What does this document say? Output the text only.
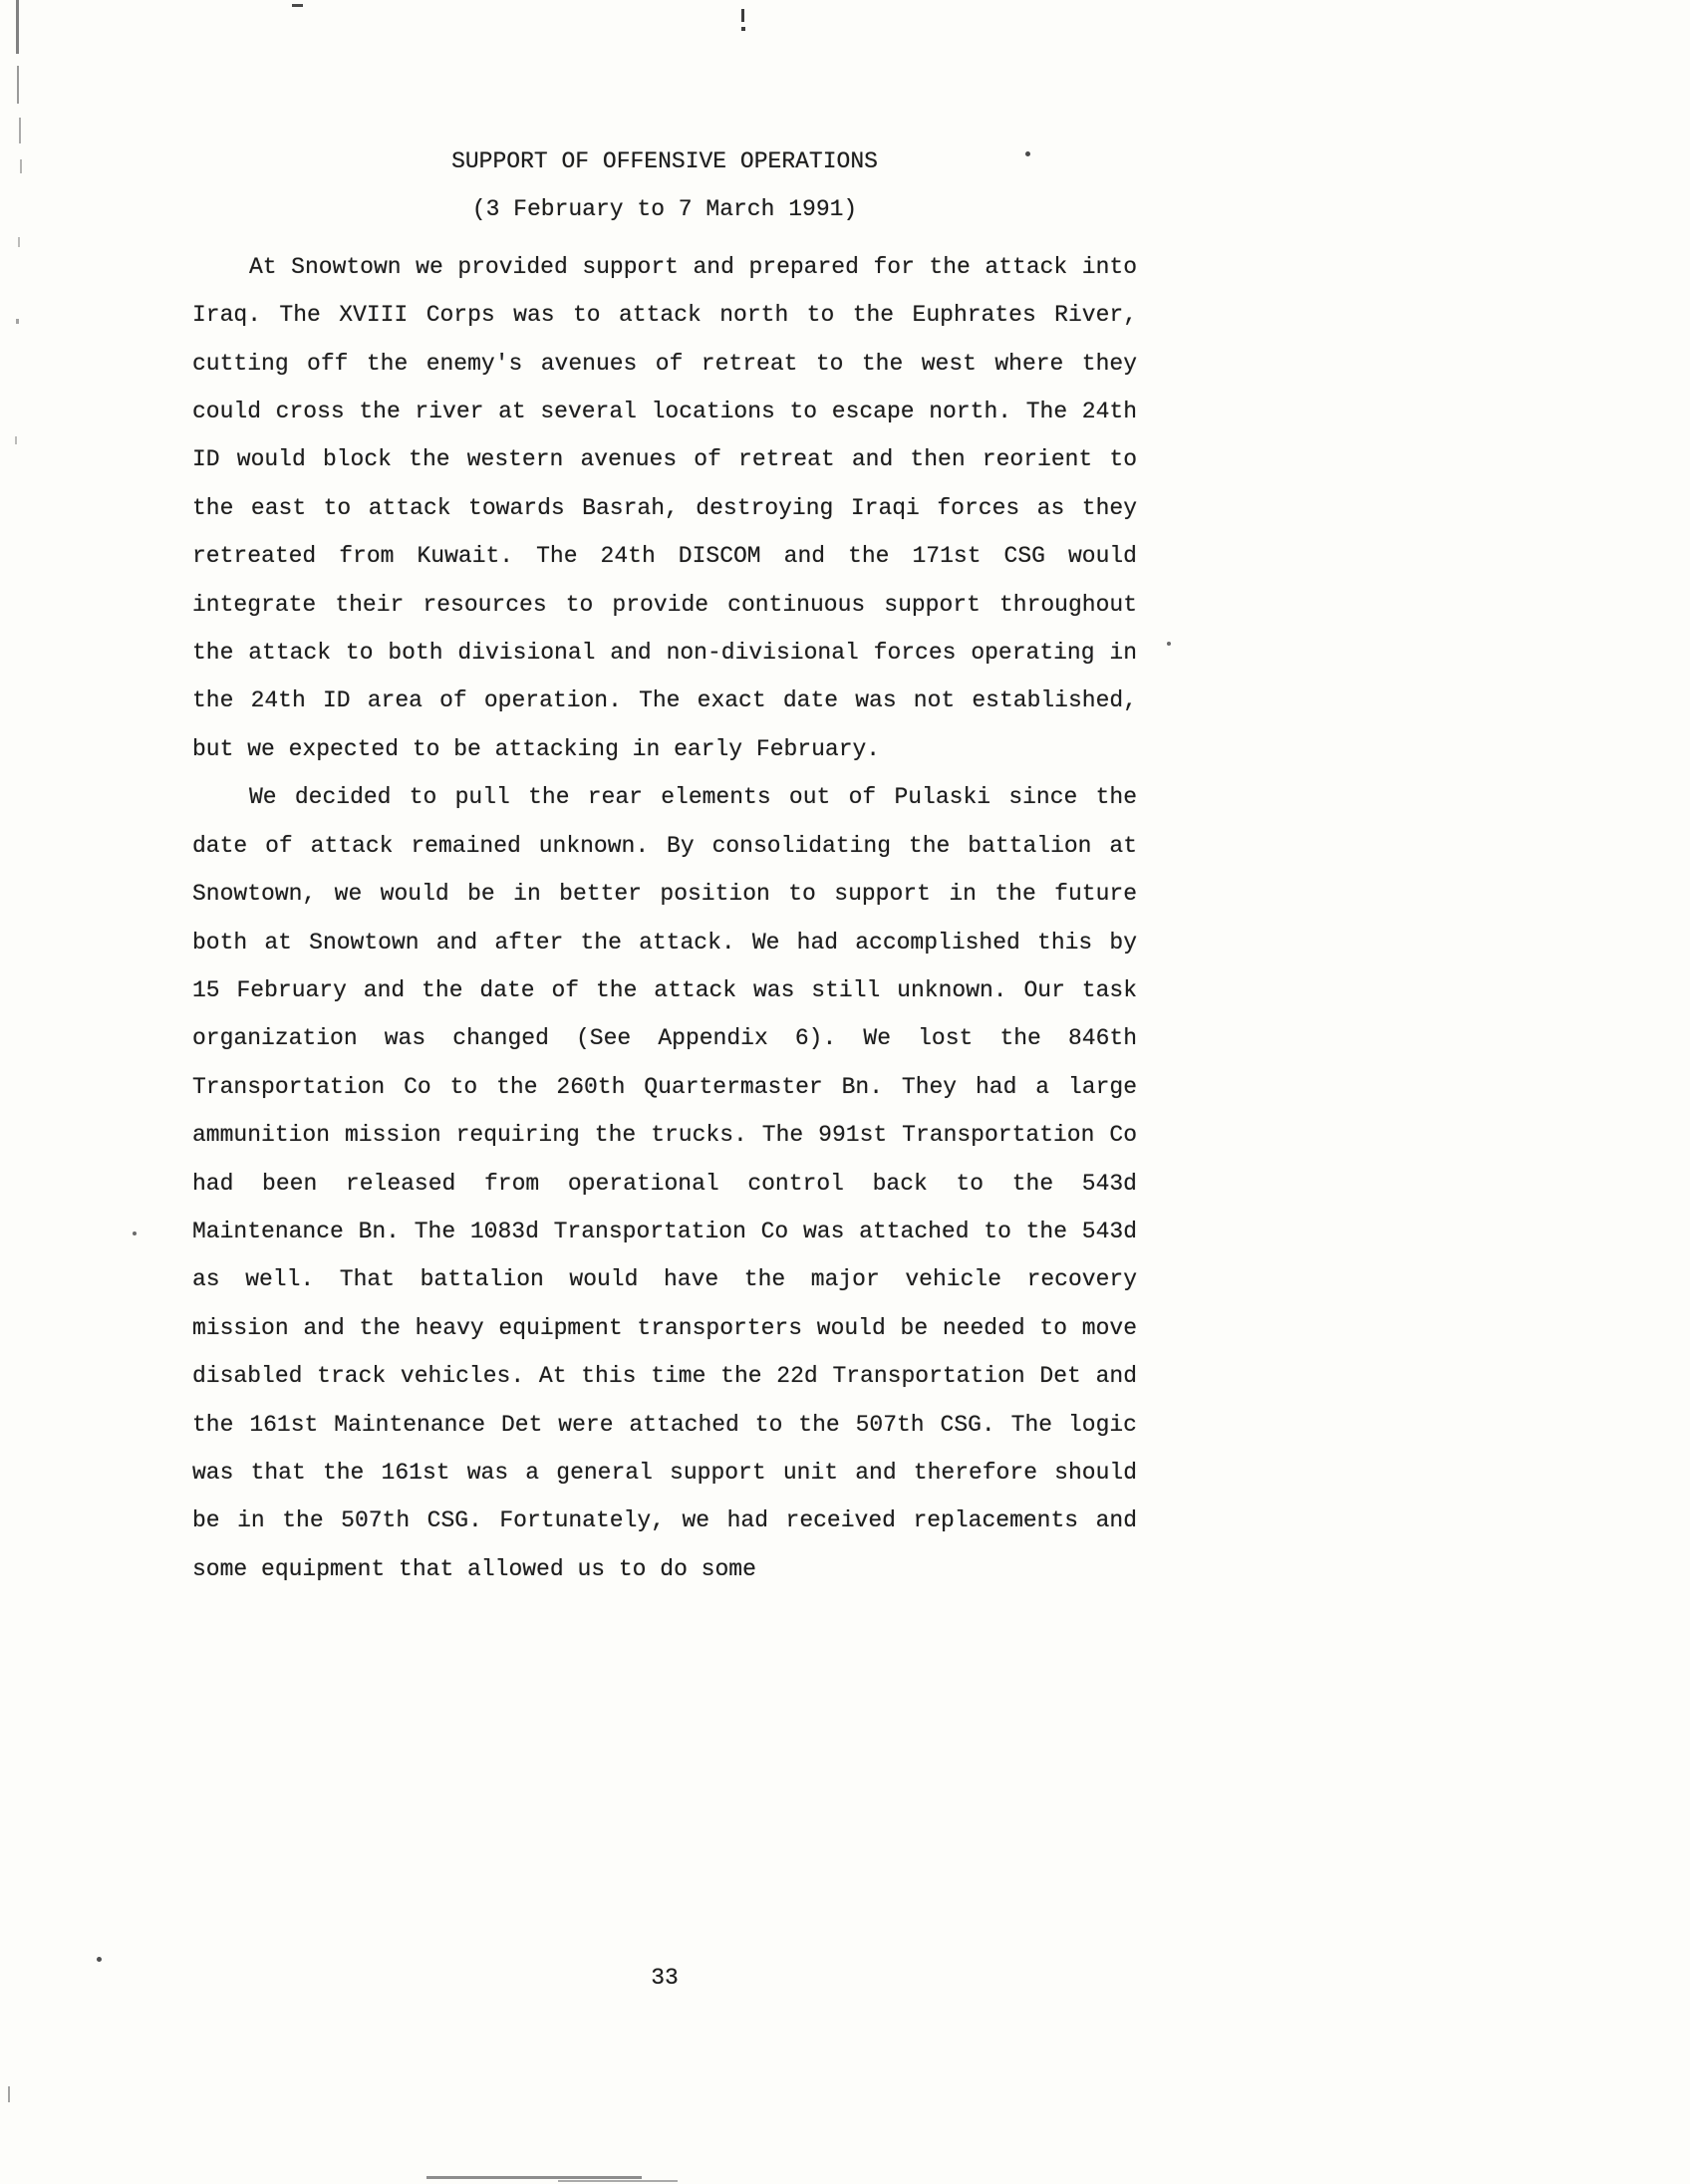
SUPPORT OF OFFENSIVE OPERATIONS
(3 February to 7 March 1991)

At Snowtown we provided support and prepared for the attack into Iraq. The XVIII Corps was to attack north to the Euphrates River, cutting off the enemy's avenues of retreat to the west where they could cross the river at several locations to escape north. The 24th ID would block the western avenues of retreat and then reorient to the east to attack towards Basrah, destroying Iraqi forces as they retreated from Kuwait. The 24th DISCOM and the 171st CSG would integrate their resources to provide continuous support throughout the attack to both divisional and non-divisional forces operating in the 24th ID area of operation. The exact date was not established, but we expected to be attacking in early February.

We decided to pull the rear elements out of Pulaski since the date of attack remained unknown. By consolidating the battalion at Snowtown, we would be in better position to support in the future both at Snowtown and after the attack. We had accomplished this by 15 February and the date of the attack was still unknown. Our task organization was changed (See Appendix 6). We lost the 846th Transportation Co to the 260th Quartermaster Bn. They had a large ammunition mission requiring the trucks. The 991st Transportation Co had been released from operational control back to the 543d Maintenance Bn. The 1083d Transportation Co was attached to the 543d as well. That battalion would have the major vehicle recovery mission and the heavy equipment transporters would be needed to move disabled track vehicles. At this time the 22d Transportation Det and the 161st Maintenance Det were attached to the 507th CSG. The logic was that the 161st was a general support unit and therefore should be in the 507th CSG. Fortunately, we had received replacements and some equipment that allowed us to do some

33
